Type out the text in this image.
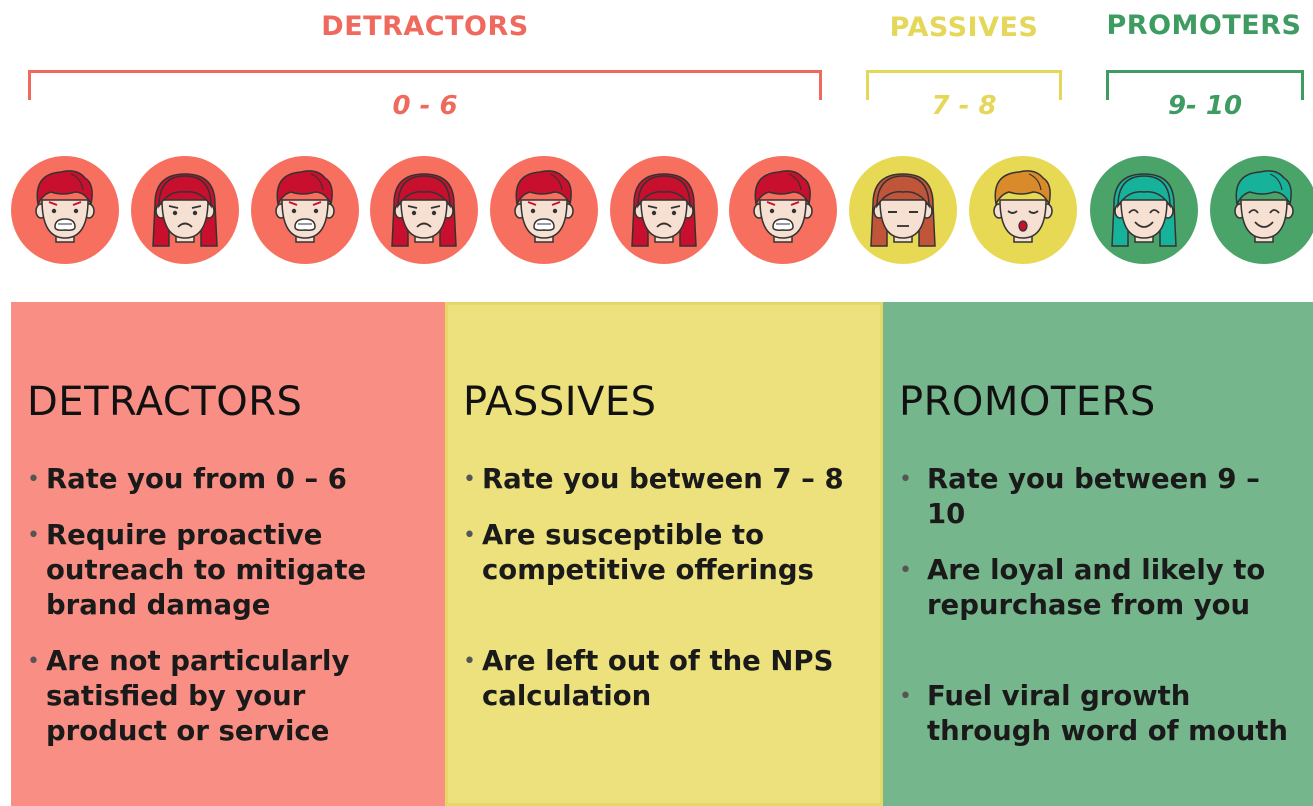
DETRACTORS	PASSIVES	PROMOTERS
0 - 6	7 - 8	9- 10
DETRACTORS
• Rate you from 0 – 6
• Require proactive outreach to mitigate brand damage
• Are not particularly satisfied by your product or service
PASSIVES
• Rate you between 7 – 8
• Are susceptible to competitive offerings
• Are left out of the NPS calculation
PROMOTERS
• Rate you between 9 – 10
• Are loyal and likely to repurchase from you
• Fuel viral growth through word of mouth
